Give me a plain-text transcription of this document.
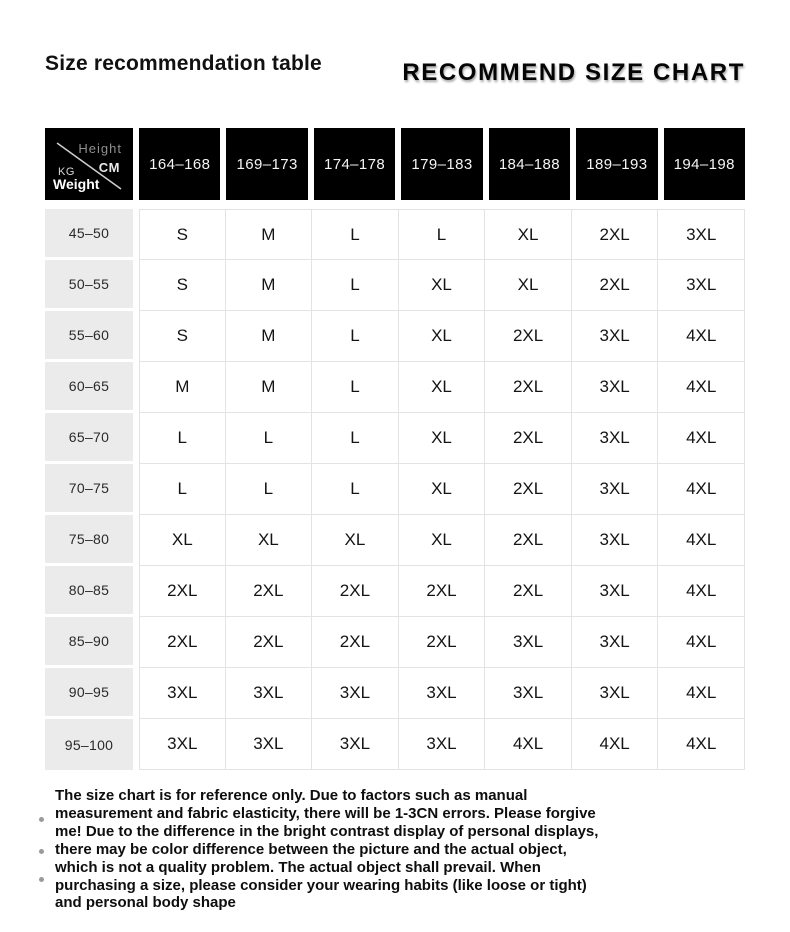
Size recommendation table	RECOMMEND SIZE CHART
Height
CM
KG
Weight
164–168	169–173	174–178	179–183	184–188	189–193	194–198
45–50	S	M	L	L	XL	2XL	3XL
50–55	S	M	L	XL	XL	2XL	3XL
55–60	S	M	L	XL	2XL	3XL	4XL
60–65	M	M	L	XL	2XL	3XL	4XL
65–70	L	L	L	XL	2XL	3XL	4XL
70–75	L	L	L	XL	2XL	3XL	4XL
75–80	XL	XL	XL	XL	2XL	3XL	4XL
80–85	2XL	2XL	2XL	2XL	2XL	3XL	4XL
85–90	2XL	2XL	2XL	2XL	3XL	3XL	4XL
90–95	3XL	3XL	3XL	3XL	3XL	3XL	4XL
95–100	3XL	3XL	3XL	3XL	4XL	4XL	4XL
The size chart is for reference only. Due to factors such as manual
measurement and fabric elasticity, there will be 1-3CN errors. Please forgive
me! Due to the difference in the bright contrast display of personal displays,
there may be color difference between the picture and the actual object,
which is not a quality problem. The actual object shall prevail. When
purchasing a size, please consider your wearing habits (like loose or tight)
and personal body shape
